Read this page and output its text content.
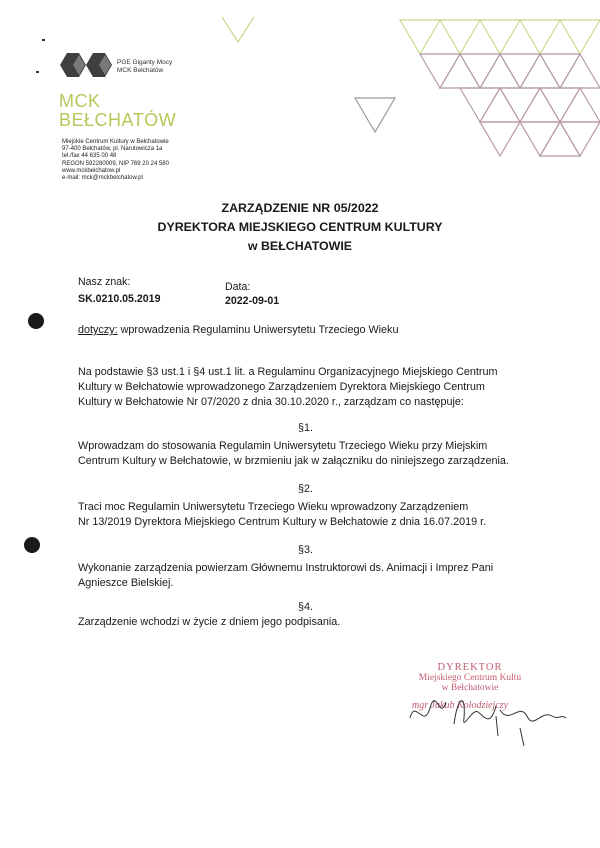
PGE Giganty Mocy
MCK Bełchatów
MCK
BEŁCHATÓW
Miejskie Centrum Kultury w Bełchatowie
97-400 Bełchatów, pl. Narutowicza 1a
tel./fax 44 635 00 48
REGON 592280009, NIP 769 20 24 580
www.mckbelchatow.pl
e-mail: mck@mckbelchatow.pl
ZARZĄDZENIE NR 05/2022
DYREKTORA MIEJSKIEGO CENTRUM KULTURY
w BEŁCHATOWIE
Nasz znak:
SK.0210.05.2019
Data:
2022-09-01
dotyczy: wprowadzenia Regulaminu Uniwersytetu Trzeciego Wieku
Na podstawie §3 ust.1 i §4 ust.1 lit. a Regulaminu Organizacyjnego Miejskiego Centrum
Kultury w Bełchatowie wprowadzonego Zarządzeniem Dyrektora Miejskiego Centrum
Kultury w Bełchatowie Nr 07/2020 z dnia 30.10.2020 r., zarządzam co następuje:
§1.
Wprowadzam do stosowania Regulamin Uniwersytetu Trzeciego Wieku przy Miejskim
Centrum Kultury w Bełchatowie, w brzmieniu jak w załączniku do niniejszego zarządzenia.
§2.
Traci moc Regulamin Uniwersytetu Trzeciego Wieku wprowadzony Zarządzeniem
Nr 13/2019 Dyrektora Miejskiego Centrum Kultury w Bełchatowie z dnia 16.07.2019 r.
§3.
Wykonanie zarządzenia powierzam Głównemu Instruktorowi ds. Animacji i Imprez Pani
Agnieszce Bielskiej.
§4.
Zarządzenie wchodzi w życie z dniem jego podpisania.
DYREKTOR
Miejskiego Centrum Kultu
w Bełchatowie
mgr Jakub Kołodziejczy
